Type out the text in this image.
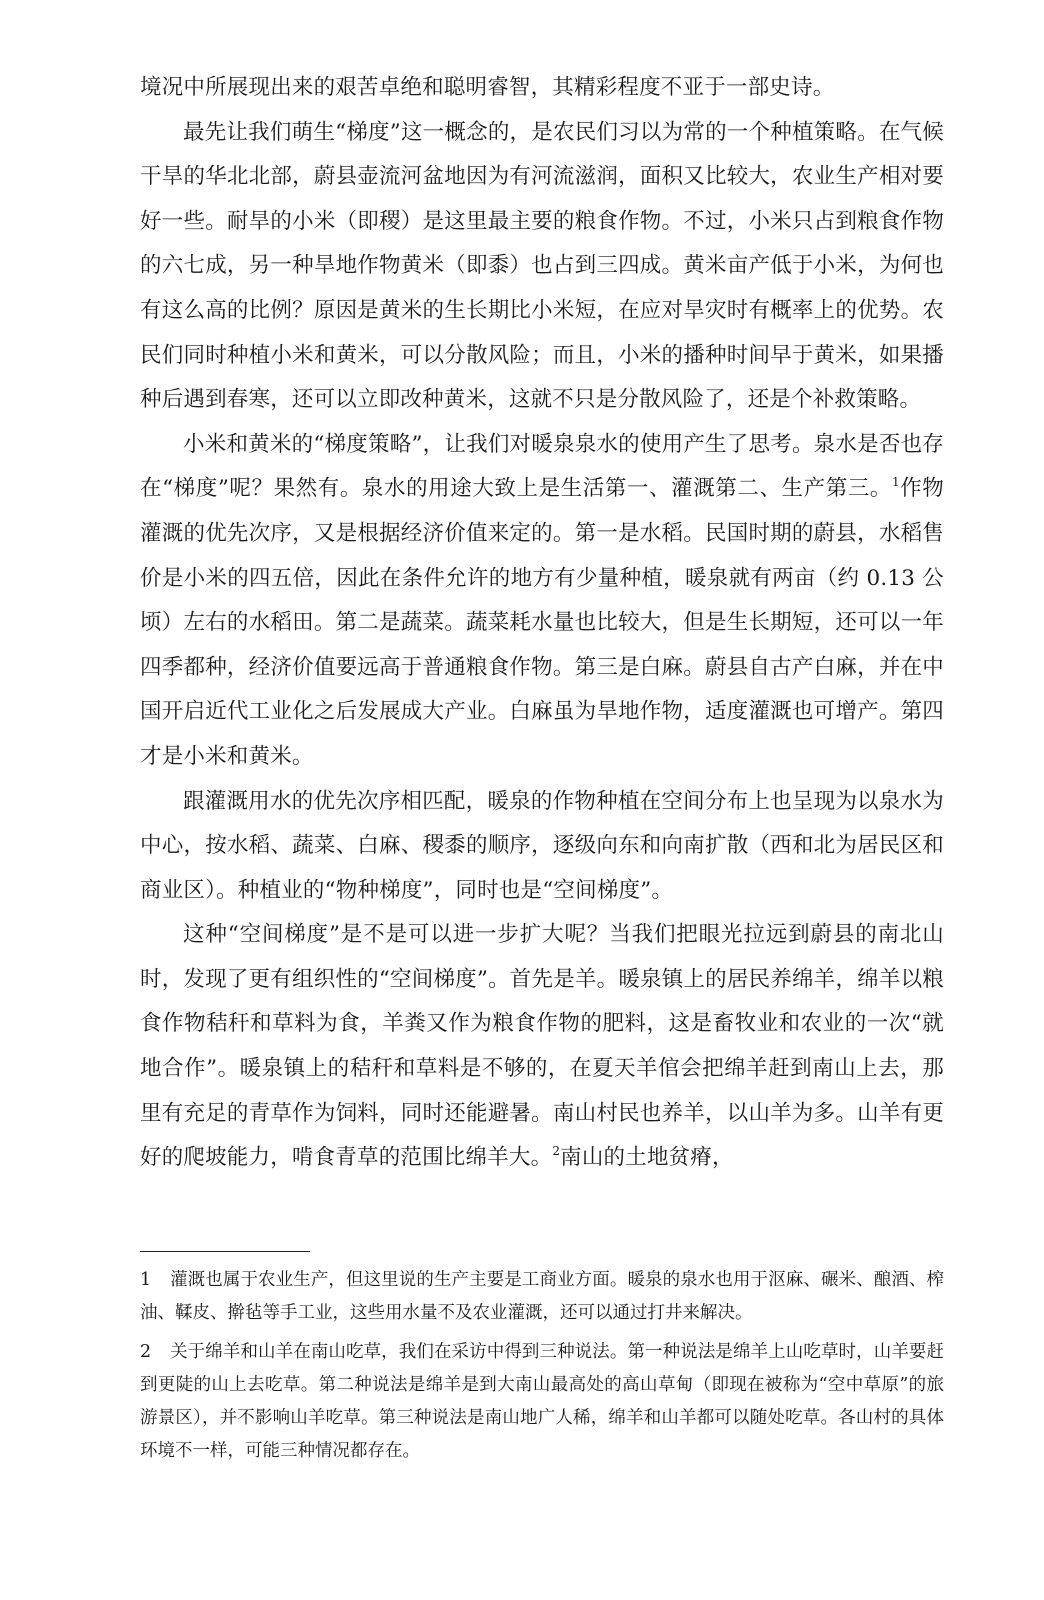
境况中所展现出来的艰苦卓绝和聪明睿智，其精彩程度不亚于一部史诗。

最先让我们萌生“梯度”这一概念的，是农民们习以为常的一个种植策略。在气候干旱的华北北部，蔚县壶流河盆地因为有河流滋润，面积又比较大，农业生产相对要好一些。耐旱的小米（即稷）是这里最主要的粮食作物。不过，小米只占到粮食作物的六七成，另一种旱地作物黄米（即黍）也占到三四成。黄米亩产低于小米，为何也有这么高的比例？原因是黄米的生长期比小米短，在应对旱灾时有概率上的优势。农民们同时种植小米和黄米，可以分散风险；而且，小米的播种时间早于黄米，如果播种后遇到春寒，还可以立即改种黄米，这就不只是分散风险了，还是个补救策略。

小米和黄米的“梯度策略”，让我们对暖泉泉水的使用产生了思考。泉水是否也存在“梯度”呢？果然有。泉水的用途大致上是生活第一、灌溉第二、生产第三。$^1$作物灌溉的优先次序，又是根据经济价值来定的。第一是水稻。民国时期的蔚县，水稻售价是小米的四五倍，因此在条件允许的地方有少量种植，暖泉就有两亩（约 0.13 公顷）左右的水稻田。第二是蔬菜。蔬菜耗水量也比较大，但是生长期短，还可以一年四季都种，经济价值要远高于普通粮食作物。第三是白麻。蔚县自古产白麻，并在中国开启近代工业化之后发展成大产业。白麻虽为旱地作物，适度灌溉也可增产。第四才是小米和黄米。

跟灌溉用水的优先次序相匹配，暖泉的作物种植在空间分布上也呈现为以泉水为中心，按水稻、蔬菜、白麻、稷黍的顺序，逐级向东和向南扩散（西和北为居民区和商业区）。种植业的“物种梯度”，同时也是“空间梯度”。

这种“空间梯度”是不是可以进一步扩大呢？当我们把眼光拉远到蔚县的南北山时，发现了更有组织性的“空间梯度”。首先是羊。暖泉镇上的居民养绵羊，绵羊以粮食作物秸秆和草料为食，羊粪又作为粮食作物的肥料，这是畜牧业和农业的一次“就地合作”。暖泉镇上的秸秆和草料是不够的，在夏天羊倌会把绵羊赶到南山上去，那里有充足的青草作为饲料，同时还能避暑。南山村民也养羊，以山羊为多。山羊有更好的爬坡能力，啃食青草的范围比绵羊大。$^2$南山的土地贫瘠，

1 灌溉也属于农业生产，但这里说的生产主要是工商业方面。暖泉的泉水也用于沤麻、碾米、酿酒、榨油、鞣皮、擀毡等手工业，这些用水量不及农业灌溉，还可以通过打井来解决。

2 关于绵羊和山羊在南山吃草，我们在采访中得到三种说法。第一种说法是绵羊上山吃草时，山羊要赶到更陡的山上去吃草。第二种说法是绵羊是到大南山最高处的高山草甸（即现在被称为“空中草原”的旅游景区），并不影响山羊吃草。第三种说法是南山地广人稀，绵羊和山羊都可以随处吃草。各山村的具体环境不一样，可能三种情况都存在。
